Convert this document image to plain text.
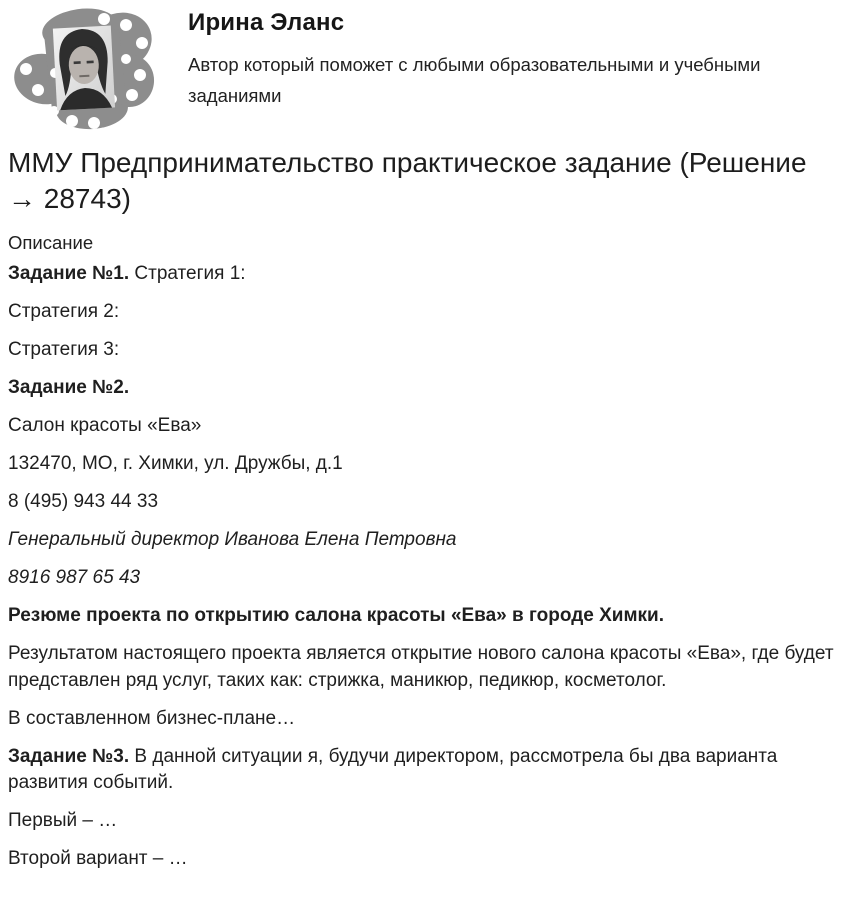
Ирина Эланс
Автор который поможет с любыми образовательными и учебными заданиями
ММУ Предпринимательство практическое задание (Решение → 28743)
Описание

Задание №1. Стратегия 1:

Стратегия 2:

Стратегия 3:

Задание №2.

Салон красоты «Ева»

132470, МО, г. Химки, ул. Дружбы, д.1

8 (495) 943 44 33

Генеральный директор Иванова Елена Петровна

8916 987 65 43

Резюме проекта по открытию салона красоты «Ева» в городе Химки.

Результатом настоящего проекта является открытие нового салона красоты «Ева», где будет представлен ряд услуг, таких как: стрижка, маникюр, педикюр, косметолог.

В составленном бизнес-плане…

Задание №3. В данной ситуации я, будучи директором, рассмотрела бы два варианта развития событий.

Первый – …

Второй вариант – …
